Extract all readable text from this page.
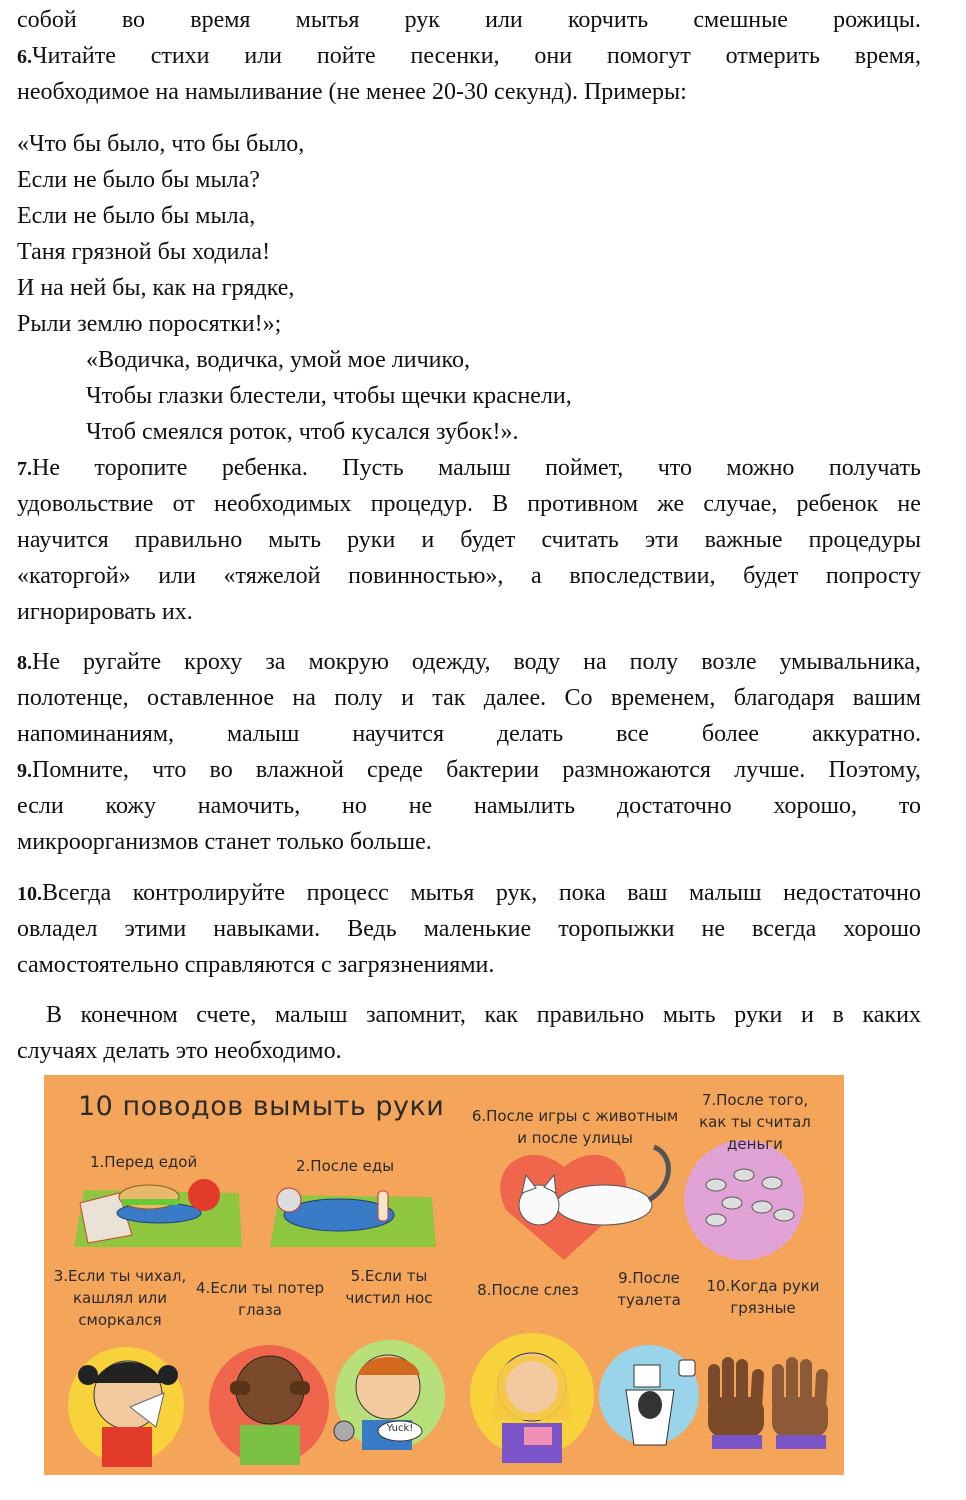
собой во время мытья рук или корчить смешные рожицы.
6.Читайте стихи или пойте песенки, они помогут отмерить время,
необходимое на намыливание (не менее 20-30 секунд). Примеры:
«Что бы было, что бы было,
Если не было бы мыла?
Если не было бы мыла,
Таня грязной бы ходила!
И на ней бы, как на грядке,
Рыли землю поросятки!»;
«Водичка, водичка, умой мое личико,
Чтобы глазки блестели, чтобы щечки краснели,
Чтоб смеялся роток, чтоб кусался зубок!».
7.Не торопите ребенка. Пусть малыш поймет, что можно получать
удовольствие от необходимых процедур. В противном же случае, ребенок не
научится правильно мыть руки и будет считать эти важные процедуры
«каторгой» или «тяжелой повинностью», а впоследствии, будет попросту
игнорировать их.
8.Не ругайте кроху за мокрую одежду, воду на полу возле умывальника,
полотенце, оставленное на полу и так далее. Со временем, благодаря вашим
напоминаниям, малыш научится делать все более аккуратно.
9.Помните, что во влажной среде бактерии размножаются лучше. Поэтому,
если кожу намочить, но не намылить достаточно хорошо, то
микроорганизмов станет только больше.
10.Всегда контролируйте процесс мытья рук, пока ваш малыш недостаточно
овладел этими навыками. Ведь маленькие торопыжки не всегда хорошо
самостоятельно справляются с загрязнениями.
В конечном счете, малыш запомнит, как правильно мыть руки и в каких
случаях делать это необходимо.
10 поводов вымыть руки
1.Перед едой	2.После еды
6.После игры с животным
и после улицы
7.После того,
как ты считал
деньги
3.Если ты чихал,
кашлял или
сморкался
4.Если ты потер
глаза
5.Если ты
чистил нос	8.После слез
9.После
туалета
10.Когда руки
грязные
Yuck!
